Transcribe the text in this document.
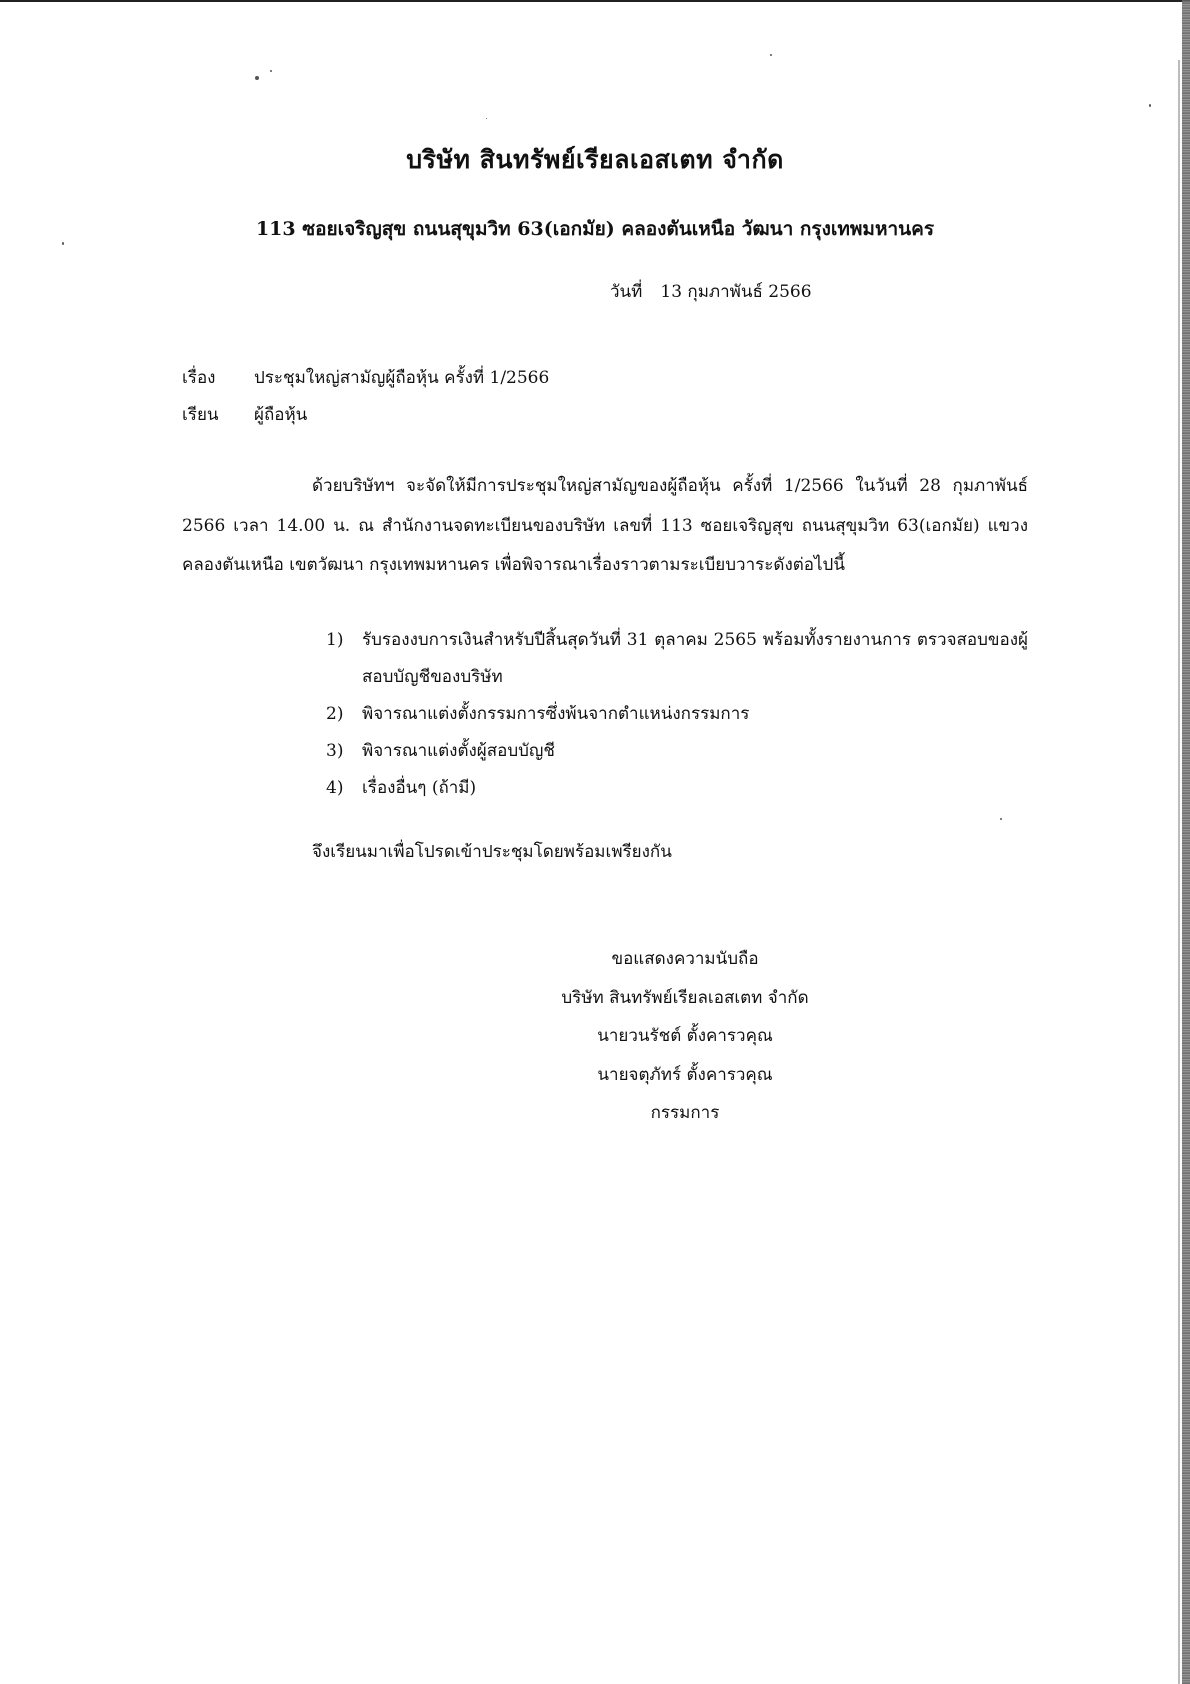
บริษัท สินทรัพย์เรียลเอสเตท จำกัด
113 ซอยเจริญสุข ถนนสุขุมวิท 63(เอกมัย) คลองตันเหนือ วัฒนา กรุงเทพมหานคร
วันที่ 13 กุมภาพันธ์ 2566
เรื่อง ประชุมใหญ่สามัญผู้ถือหุ้น ครั้งที่ 1/2566
เรียน ผู้ถือหุ้น
ด้วยบริษัทฯ จะจัดให้มีการประชุมใหญ่สามัญของผู้ถือหุ้น ครั้งที่ 1/2566 ในวันที่ 28 กุมภาพันธ์ 2566 เวลา 14.00 น. ณ สำนักงานจดทะเบียนของบริษัท เลขที่ 113 ซอยเจริญสุข ถนนสุขุมวิท 63(เอกมัย) แขวงคลองตันเหนือ เขตวัฒนา กรุงเทพมหานคร เพื่อพิจารณาเรื่องราวตามระเบียบวาระดังต่อไปนี้
1) รับรองงบการเงินสำหรับปีสิ้นสุดวันที่ 31 ตุลาคม 2565 พร้อมทั้งรายงานการ ตรวจสอบของผู้สอบบัญชีของบริษัท
2) พิจารณาแต่งตั้งกรรมการซึ่งพ้นจากตำแหน่งกรรมการ
3) พิจารณาแต่งตั้งผู้สอบบัญชี
4) เรื่องอื่นๆ (ถ้ามี)
จึงเรียนมาเพื่อโปรดเข้าประชุมโดยพร้อมเพรียงกัน
ขอแสดงความนับถือ
บริษัท สินทรัพย์เรียลเอสเตท จำกัด
นายวนรัชต์ ตั้งคารวคุณ
นายจตุภัทร์ ตั้งคารวคุณ
กรรมการ
